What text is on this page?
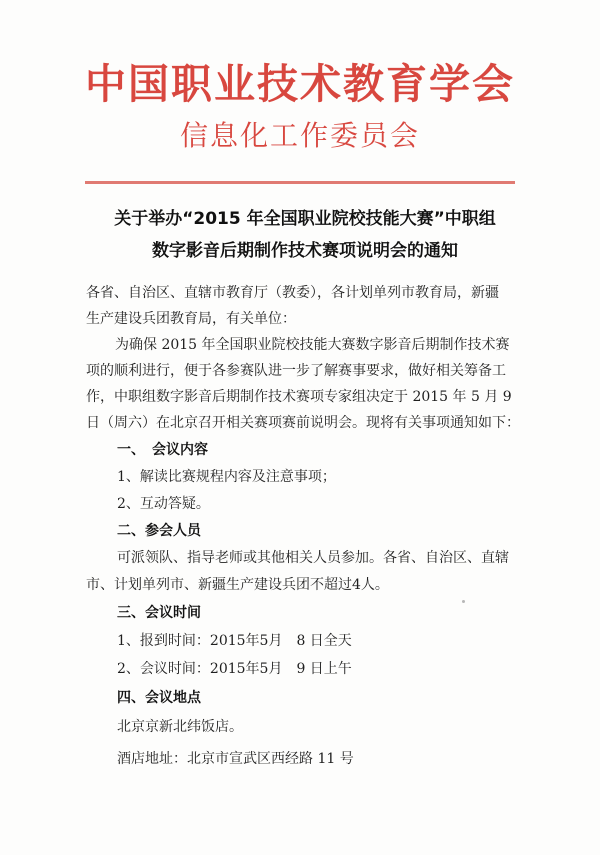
中国职业技术教育学会
信息化工作委员会
关于举办“2015 年全国职业院校技能大赛”中职组
数字影音后期制作技术赛项说明会的通知
各省、自治区、直辖市教育厅（教委），各计划单列市教育局，新疆
生产建设兵团教育局，有关单位：
为确保 2015 年全国职业院校技能大赛数字影音后期制作技术赛
项的顺利进行，便于各参赛队进一步了解赛事要求，做好相关筹备工
作，中职组数字影音后期制作技术赛项专家组决定于 2015 年 5 月 9
日（周六）在北京召开相关赛项赛前说明会。现将有关事项通知如下：
一、　会议内容
1、解读比赛规程内容及注意事项；
2、互动答疑。
二、参会人员
可派领队、指导老师或其他相关人员参加。各省、自治区、直辖
市、计划单列市、新疆生产建设兵团不超过4人。
三、会议时间
1、报到时间：2015年5月　8 日全天
2、会议时间：2015年5月　9 日上午
四、会议地点
北京京新北纬饭店。
酒店地址：北京市宣武区西经路 11 号
